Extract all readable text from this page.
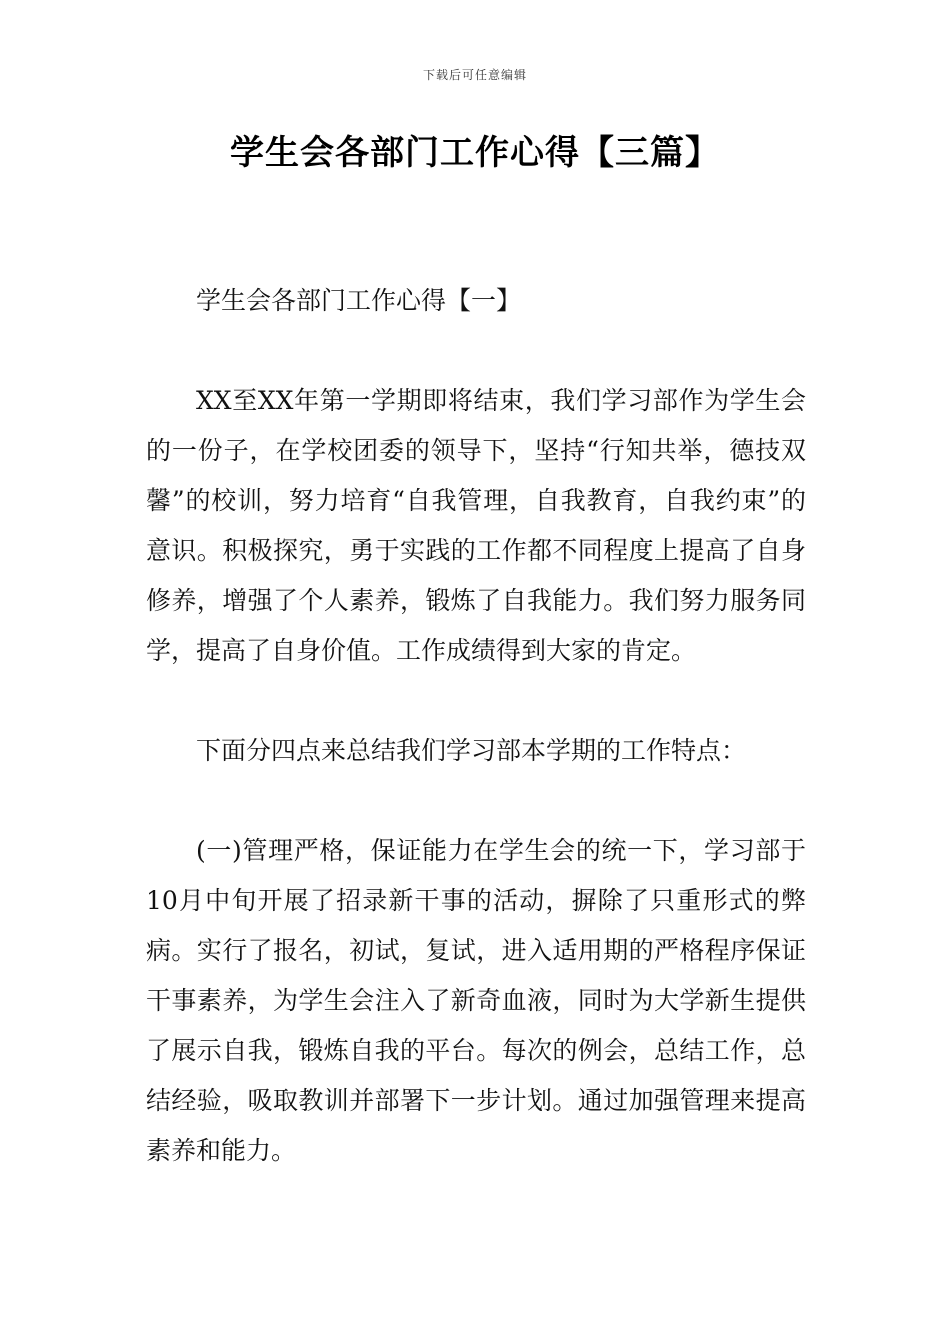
下载后可任意编辑
学生会各部门工作心得【三篇】

学生会各部门工作心得【一】

XX至XX年第一学期即将结束，我们学习部作为学生会的一份子，在学校团委的领导下，坚持“行知共举，德技双馨”的校训，努力培育“自我管理，自我教育，自我约束”的意识。积极探究，勇于实践的工作都不同程度上提高了自身修养，增强了个人素养，锻炼了自我能力。我们努力服务同学，提高了自身价值。工作成绩得到大家的肯定。

下面分四点来总结我们学习部本学期的工作特点：

(一)管理严格，保证能力在学生会的统一下，学习部于10月中旬开展了招录新干事的活动，摒除了只重形式的弊病。实行了报名，初试，复试，进入适用期的严格程序保证干事素养，为学生会注入了新奇血液，同时为大学新生提供了展示自我，锻炼自我的平台。每次的例会，总结工作，总结经验，吸取教训并部署下一步计划。通过加强管理来提高素养和能力。
